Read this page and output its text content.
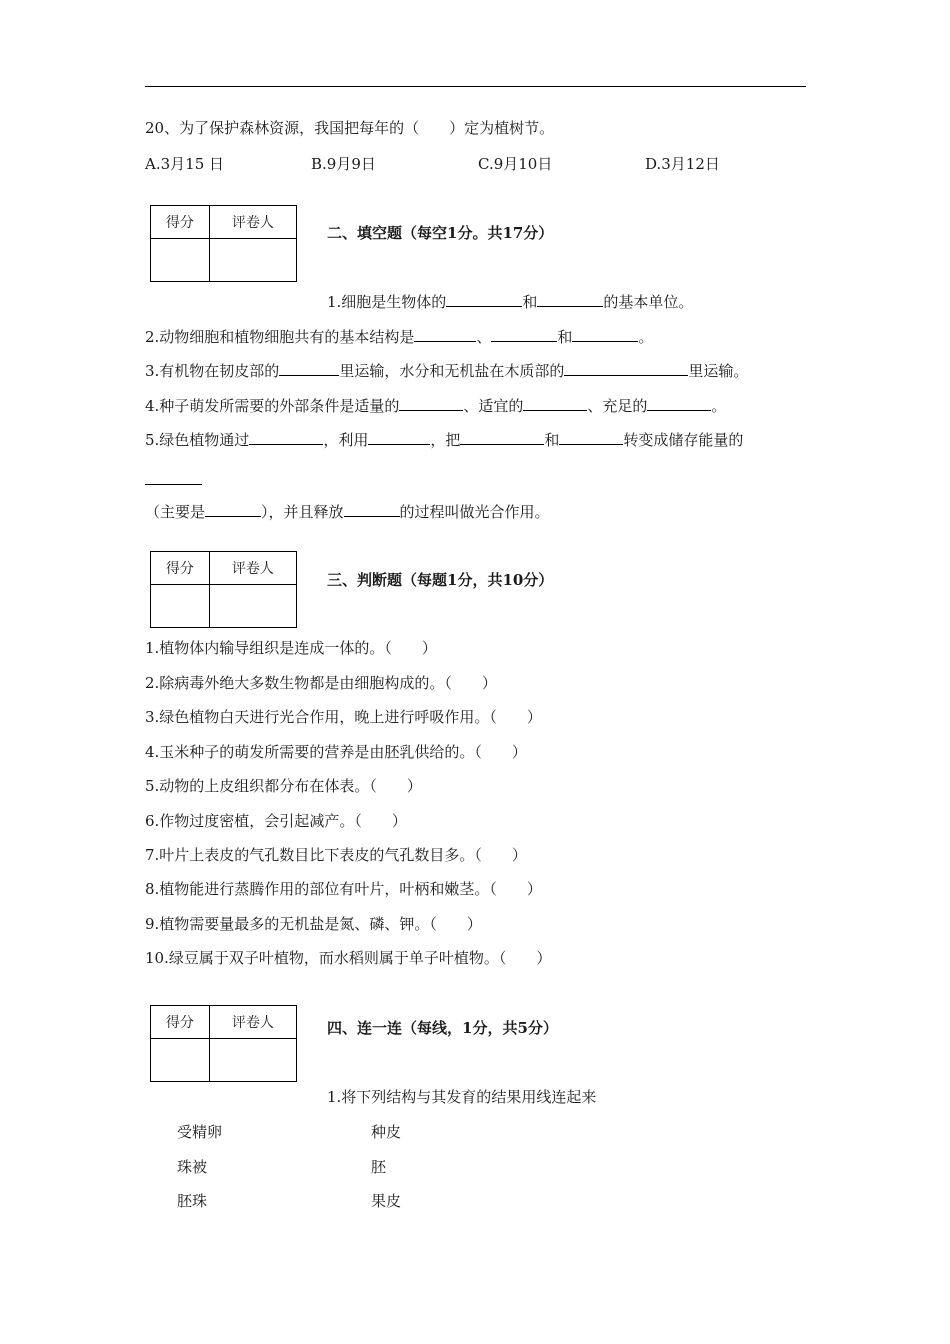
20、为了保护森林资源，我国把每年的（　　）定为植树节。
A.3月15 日	B.9月9日	C.9月10日	D.3月12日
得分	评卷人

二、填空题（每空1分。共17分）
1.细胞是生物体的	和	的基本单位。
2.动物细胞和植物细胞共有的基本结构是	、	和	。
3.有机物在韧皮部的	里运输，水分和无机盐在木质部的	里运输。
4.种子萌发所需要的外部条件是适量的	、适宜的	、充足的	。
5.绿色植物通过	，利用	，把	和	转变成储存能量的
（主要是	），并且释放	的过程叫做光合作用。
得分	评卷人

三、判断题（每题1分，共10分）
1.植物体内输导组织是连成一体的。（　　）
2.除病毒外绝大多数生物都是由细胞构成的。（　　）
3.绿色植物白天进行光合作用，晚上进行呼吸作用。（　　）
4.玉米种子的萌发所需要的营养是由胚乳供给的。（　　）
5.动物的上皮组织都分布在体表。（　　）
6.作物过度密植，会引起减产。（　　）
7.叶片上表皮的气孔数目比下表皮的气孔数目多。（　　）
8.植物能进行蒸腾作用的部位有叶片，叶柄和嫩茎。（　　）
9.植物需要量最多的无机盐是氮、磷、钾。（　　）
10.绿豆属于双子叶植物，而水稻则属于单子叶植物。（　　）
得分	评卷人
		四、连一连（每线，1分，共5分）
1.将下列结构与其发育的结果用线连起来
受精卵	种皮
珠被	胚
胚珠	果皮
